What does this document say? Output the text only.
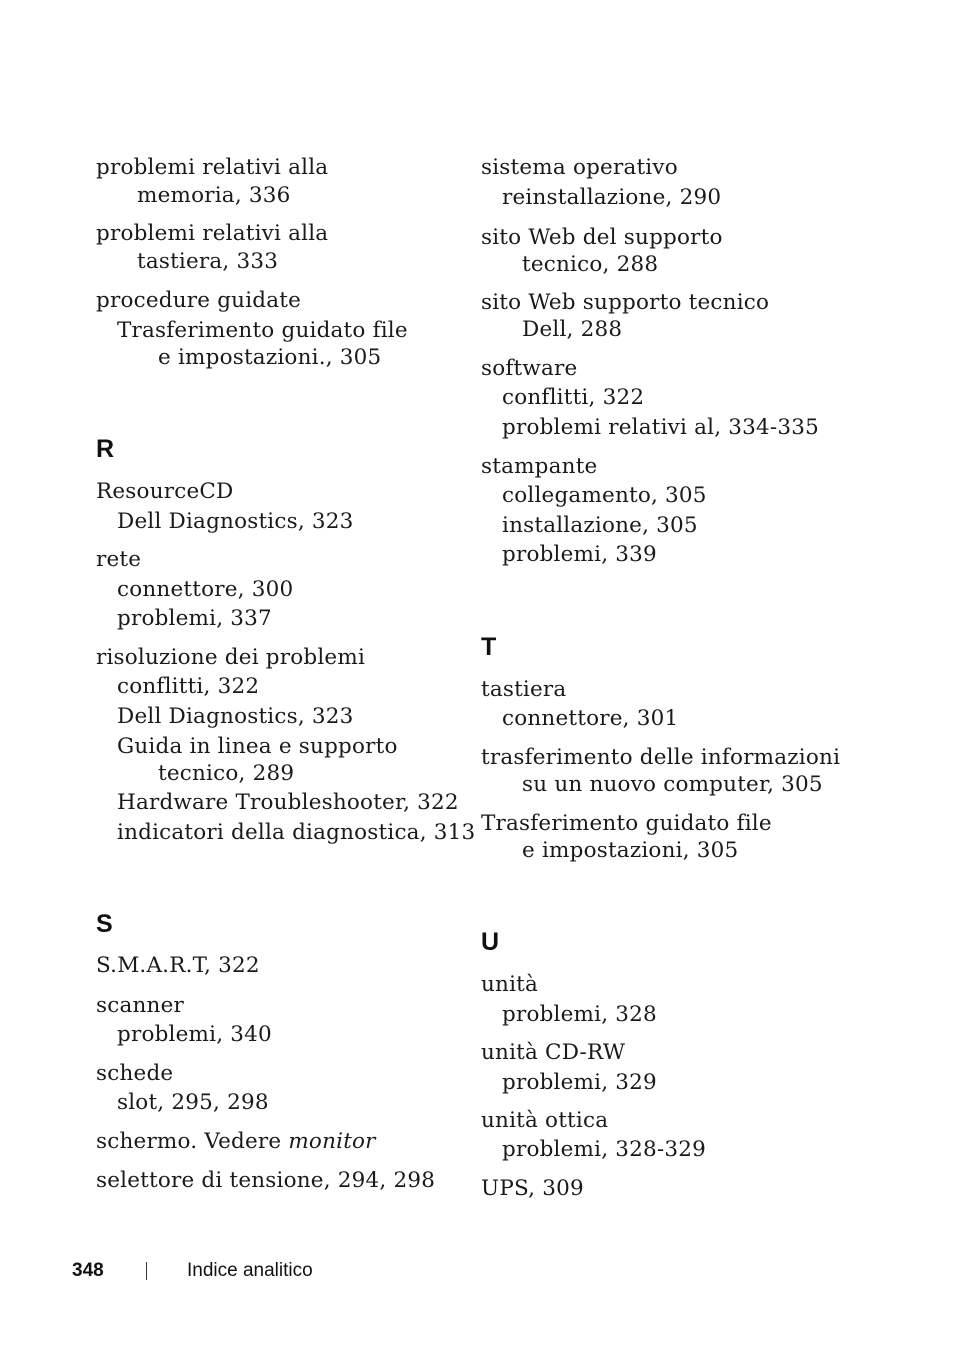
problemi relativi alla
memoria, 336
problemi relativi alla
tastiera, 333
procedure guidate
Trasferimento guidato file
e impostazioni., 305
R
ResourceCD
Dell Diagnostics, 323
rete
connettore, 300
problemi, 337
risoluzione dei problemi
conflitti, 322
Dell Diagnostics, 323
Guida in linea e supporto
tecnico, 289
Hardware Troubleshooter, 322
indicatori della diagnostica, 313
S
S.M.A.R.T, 322
scanner
problemi, 340
schede
slot, 295, 298
schermo. Vedere monitor
selettore di tensione, 294, 298
sistema operativo
reinstallazione, 290
sito Web del supporto
tecnico, 288
sito Web supporto tecnico
Dell, 288
software
conflitti, 322
problemi relativi al, 334-335
stampante
collegamento, 305
installazione, 305
problemi, 339
T
tastiera
connettore, 301
trasferimento delle informazioni
su un nuovo computer, 305
Trasferimento guidato file
e impostazioni, 305
U
unità
problemi, 328
unità CD-RW
problemi, 329
unità ottica
problemi, 328-329
UPS, 309
348	Indice analitico
